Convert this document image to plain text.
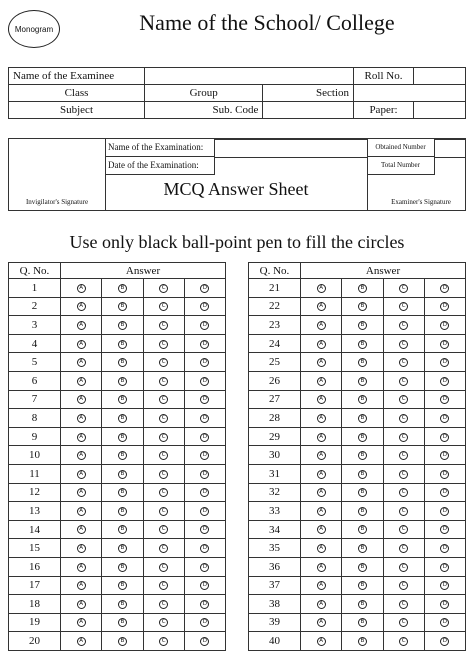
Monogram	Name of the School/ College
Name of the Examinee			Roll No.	
Class	Group	Section		
Subject	Sub. Code		Paper:	
Name of the Examination:
Date of the Examination:
Obtained Number
Total Number
MCQ Answer Sheet
Invigilator's Signature	Examiner's Signature
Use only black ball-point pen to fill the circles
Q. No.	Answer			
1	A	B	C	D
2	A	B	C	D
3	A	B	C	D
4	A	B	C	D
5	A	B	C	D
6	A	B	C	D
7	A	B	C	D
8	A	B	C	D
9	A	B	C	D
10	A	B	C	D
11	A	B	C	D
12	A	B	C	D
13	A	B	C	D
14	A	B	C	D
15	A	B	C	D
16	A	B	C	D
17	A	B	C	D
18	A	B	C	D
19	A	B	C	D
20	A	B	C	D
Q. No.	Answer			
21	A	B	C	D
22	A	B	C	D
23	A	B	C	D
24	A	B	C	D
25	A	B	C	D
26	A	B	C	D
27	A	B	C	D
28	A	B	C	D
29	A	B	C	D
30	A	B	C	D
31	A	B	C	D
32	A	B	C	D
33	A	B	C	D
34	A	B	C	D
35	A	B	C	D
36	A	B	C	D
37	A	B	C	D
38	A	B	C	D
39	A	B	C	D
40	A	B	C	D
